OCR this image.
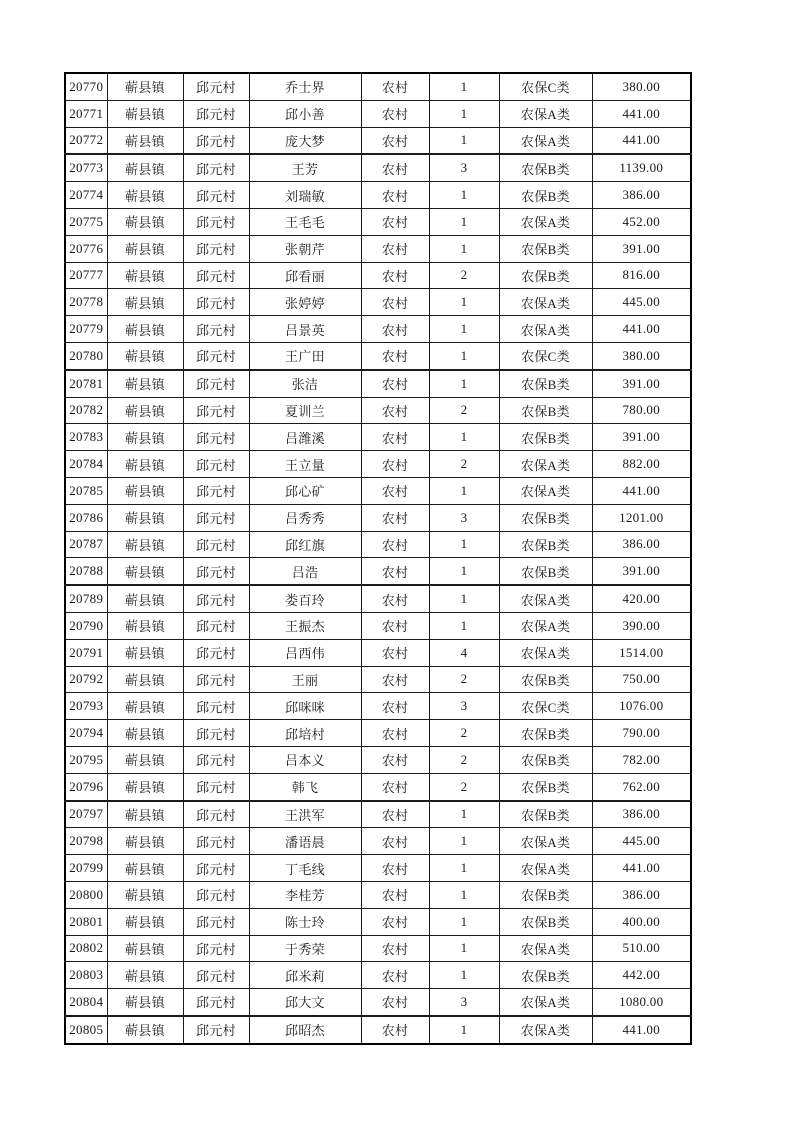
20770	蕲县镇	邱元村	乔士界	农村	1	农保C类	380.00
20771	蕲县镇	邱元村	邱小善	农村	1	农保A类	441.00
20772	蕲县镇	邱元村	庞大梦	农村	1	农保A类	441.00
20773	蕲县镇	邱元村	王芳	农村	3	农保B类	1139.00
20774	蕲县镇	邱元村	刘瑞敏	农村	1	农保B类	386.00
20775	蕲县镇	邱元村	王毛毛	农村	1	农保A类	452.00
20776	蕲县镇	邱元村	张朝芹	农村	1	农保B类	391.00
20777	蕲县镇	邱元村	邱看丽	农村	2	农保B类	816.00
20778	蕲县镇	邱元村	张婷婷	农村	1	农保A类	445.00
20779	蕲县镇	邱元村	吕景英	农村	1	农保A类	441.00
20780	蕲县镇	邱元村	王广田	农村	1	农保C类	380.00
20781	蕲县镇	邱元村	张洁	农村	1	农保B类	391.00
20782	蕲县镇	邱元村	夏训兰	农村	2	农保B类	780.00
20783	蕲县镇	邱元村	吕潍溪	农村	1	农保B类	391.00
20784	蕲县镇	邱元村	王立量	农村	2	农保A类	882.00
20785	蕲县镇	邱元村	邱心矿	农村	1	农保A类	441.00
20786	蕲县镇	邱元村	吕秀秀	农村	3	农保B类	1201.00
20787	蕲县镇	邱元村	邱红旗	农村	1	农保B类	386.00
20788	蕲县镇	邱元村	吕浩	农村	1	农保B类	391.00
20789	蕲县镇	邱元村	娄百玲	农村	1	农保A类	420.00
20790	蕲县镇	邱元村	王振杰	农村	1	农保A类	390.00
20791	蕲县镇	邱元村	吕西伟	农村	4	农保A类	1514.00
20792	蕲县镇	邱元村	王丽	农村	2	农保B类	750.00
20793	蕲县镇	邱元村	邱咪咪	农村	3	农保C类	1076.00
20794	蕲县镇	邱元村	邱培村	农村	2	农保B类	790.00
20795	蕲县镇	邱元村	吕本义	农村	2	农保B类	782.00
20796	蕲县镇	邱元村	韩飞	农村	2	农保B类	762.00
20797	蕲县镇	邱元村	王洪军	农村	1	农保B类	386.00
20798	蕲县镇	邱元村	潘语晨	农村	1	农保A类	445.00
20799	蕲县镇	邱元村	丁毛线	农村	1	农保A类	441.00
20800	蕲县镇	邱元村	李桂芳	农村	1	农保B类	386.00
20801	蕲县镇	邱元村	陈士玲	农村	1	农保B类	400.00
20802	蕲县镇	邱元村	于秀荣	农村	1	农保A类	510.00
20803	蕲县镇	邱元村	邱米莉	农村	1	农保B类	442.00
20804	蕲县镇	邱元村	邱大文	农村	3	农保A类	1080.00
20805	蕲县镇	邱元村	邱昭杰	农村	1	农保A类	441.00
